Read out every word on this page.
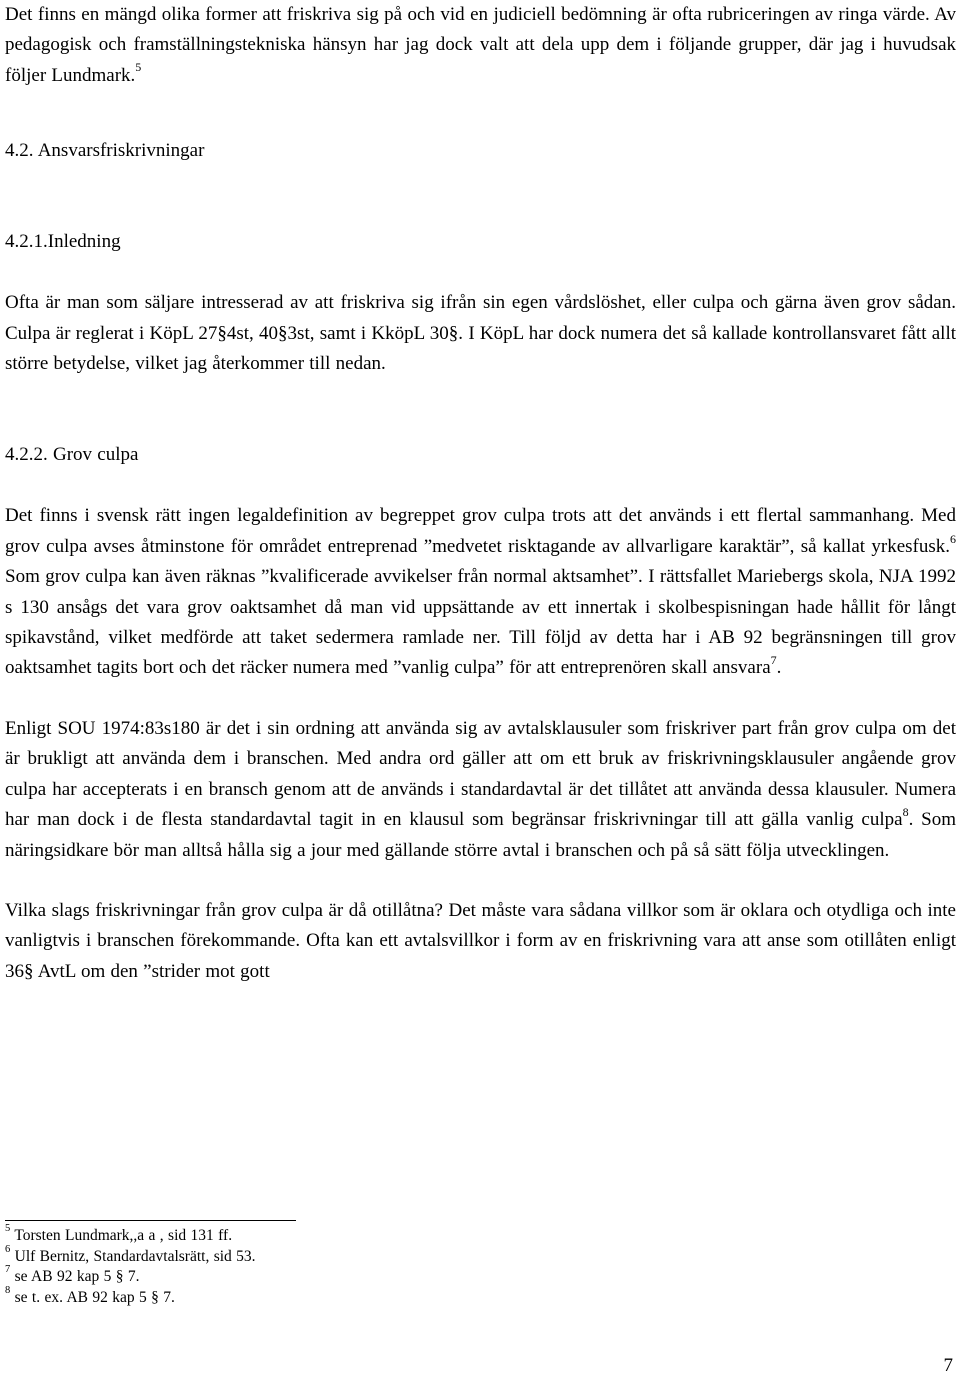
Det finns en mängd olika former att friskriva sig på och vid en judiciell bedömning är ofta rubriceringen av ringa värde. Av pedagogisk och framställningstekniska hänsyn har jag dock valt att dela upp dem i följande grupper, där jag i huvudsak följer Lundmark.$^5$

4.2. Ansvarsfriskrivningar

4.2.1.Inledning

Ofta är man som säljare intresserad av att friskriva sig ifrån sin egen vårdslöshet, eller culpa och gärna även grov sådan. Culpa är reglerat i KöpL 27§4st, 40§3st, samt i KköpL 30§. I KöpL har dock numera det så kallade kontrollansvaret fått allt större betydelse, vilket jag återkommer till nedan.

4.2.2. Grov culpa

Det finns i svensk rätt ingen legaldefinition av begreppet grov culpa trots att det används i ett flertal sammanhang. Med grov culpa avses åtminstone för området entreprenad ”medvetet risktagande av allvarligare karaktär”, så kallat yrkesfusk.$^6$ Som grov culpa kan även räknas ”kvalificerade avvikelser från normal aktsamhet”. I rättsfallet Mariebergs skola, NJA 1992 s 130 ansågs det vara grov oaktsamhet då man vid uppsättande av ett innertak i skolbespisningan hade hållit för långt spikavstånd, vilket medförde att taket sedermera ramlade ner. Till följd av detta har i AB 92 begränsningen till grov oaktsamhet tagits bort och det räcker numera med ”vanlig culpa” för att entreprenören skall ansvara$^7$.

Enligt SOU 1974:83s180 är det i sin ordning att använda sig av avtalsklausuler som friskriver part från grov culpa om det är brukligt att använda dem i branschen. Med andra ord gäller att om ett bruk av friskrivningsklausuler angående grov culpa har accepterats i en bransch genom att de används i standardavtal är det tillåtet att använda dessa klausuler. Numera har man dock i de flesta standardavtal tagit in en klausul som begränsar friskrivningar till att gälla vanlig culpa$^8$. Som näringsidkare bör man alltså hålla sig a jour med gällande större avtal i branschen och på så sätt följa utvecklingen.

Vilka slags friskrivningar från grov culpa är då otillåtna? Det måste vara sådana villkor som är oklara och otydliga och inte vanligtvis i branschen förekommande. Ofta kan ett avtalsvillkor i form av en friskrivning vara att anse som otillåten enligt 36§ AvtL om den ”strider mot gott

$^5$ Torsten Lundmark,,a a , sid 131 ff.

$^6$ Ulf Bernitz, Standardavtalsrätt, sid 53.

$^7$ se AB 92 kap 5 § 7.

$^8$ se t. ex. AB 92 kap 5 § 7.

7
